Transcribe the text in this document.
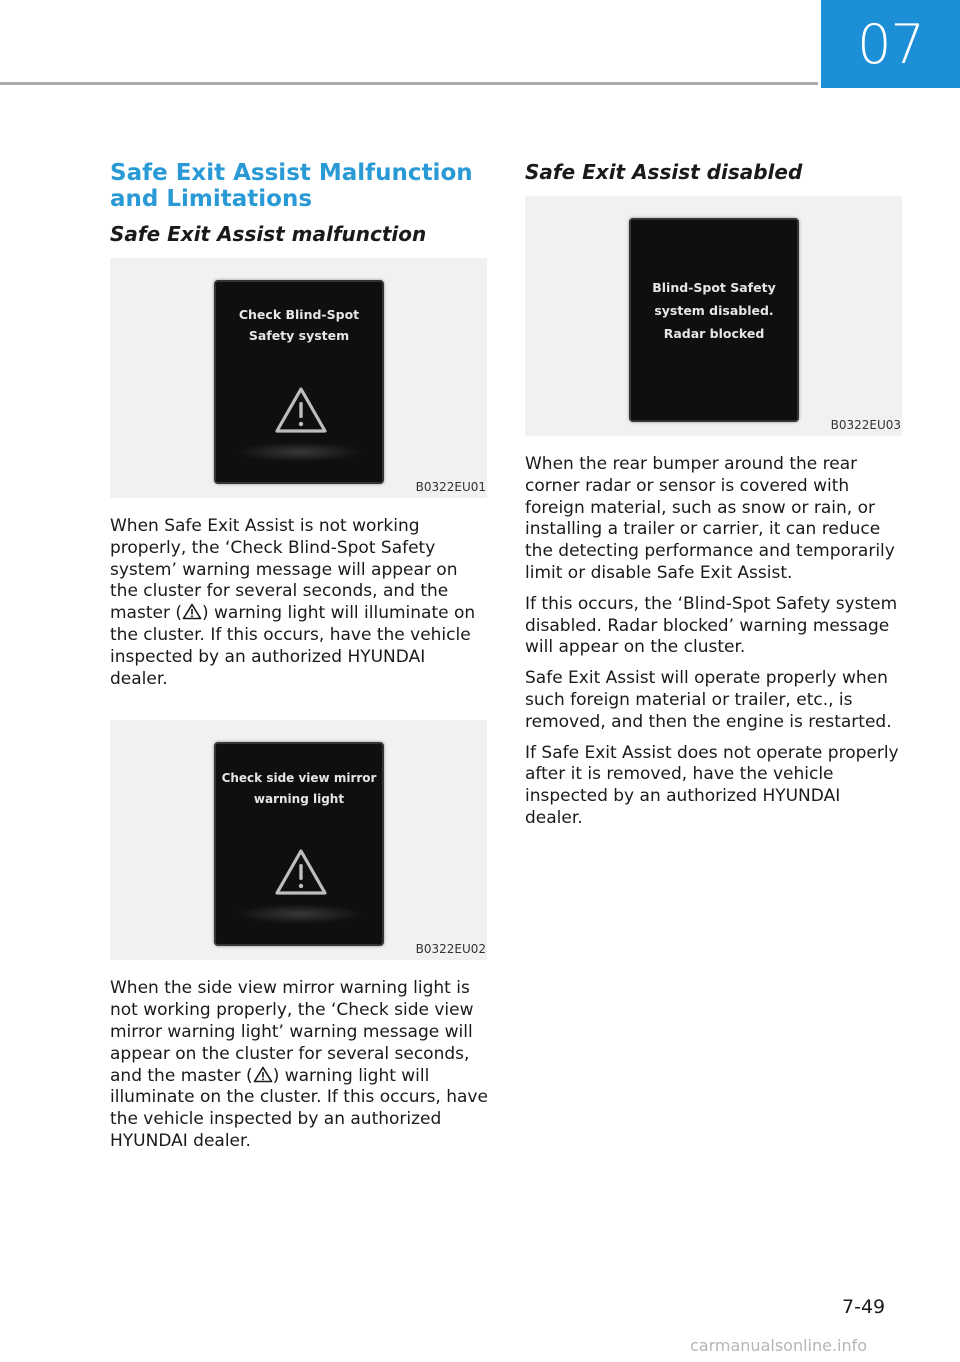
07
Safe Exit Assist Malfunction and Limitations
Safe Exit Assist malfunction
Check Blind-Spot
Safety system
B0322EU01

When Safe Exit Assist is not working properly, the ‘Check Blind-Spot Safety system’ warning message will appear on the cluster for several seconds, and the master ( ) warning light will illuminate on the cluster. If this occurs, have the vehicle inspected by an authorized HYUNDAI dealer.

Check side view mirror
warning light
B0322EU02

When the side view mirror warning light is not working properly, the ‘Check side view mirror warning light’ warning message will appear on the cluster for several seconds, and the master ( ) warning light will illuminate on the cluster. If this occurs, have the vehicle inspected by an authorized HYUNDAI dealer.

Safe Exit Assist disabled
Blind-Spot Safety
system disabled.
Radar blocked
B0322EU03

When the rear bumper around the rear corner radar or sensor is covered with foreign material, such as snow or rain, or installing a trailer or carrier, it can reduce the detecting performance and temporarily limit or disable Safe Exit Assist.

If this occurs, the ‘Blind-Spot Safety system disabled. Radar blocked’ warning message will appear on the cluster.

Safe Exit Assist will operate properly when such foreign material or trailer, etc., is removed, and then the engine is restarted.

If Safe Exit Assist does not operate properly after it is removed, have the vehicle inspected by an authorized HYUNDAI dealer.

7-49
carmanualsonline.info
